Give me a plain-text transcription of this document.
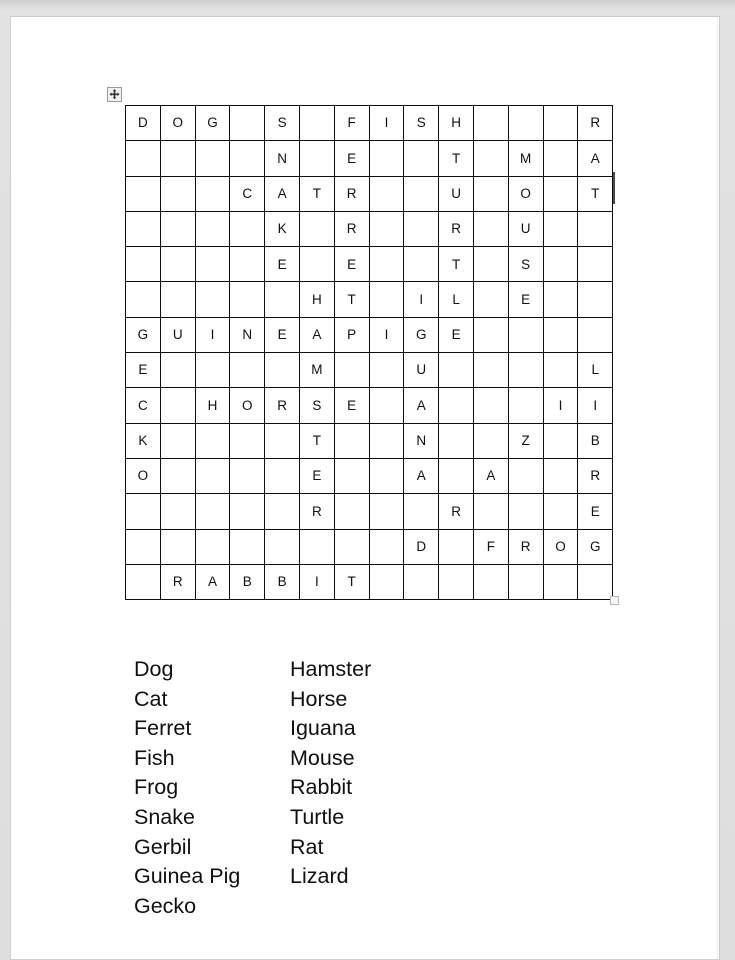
D	O	G		S		F	I	S	H				R
				N		E			T		M		A
			C	A	T	R			U		O		T
				K		R			R		U		
				E		E			T		S		
					H	T		I	L		E		
G	U	I	N	E	A	P	I	G	E				
E					M			U					L
C		H	O	R	S	E		A				I	I
K					T			N			Z		B
O					E			A		A			R
					R				R				E
								D		F	R	O	G
	R	A	B	B	I	T							
Dog
Cat
Ferret
Fish
Frog
Snake
Gerbil
Guinea Pig
Gecko
Hamster
Horse
Iguana
Mouse
Rabbit
Turtle
Rat
Lizard
